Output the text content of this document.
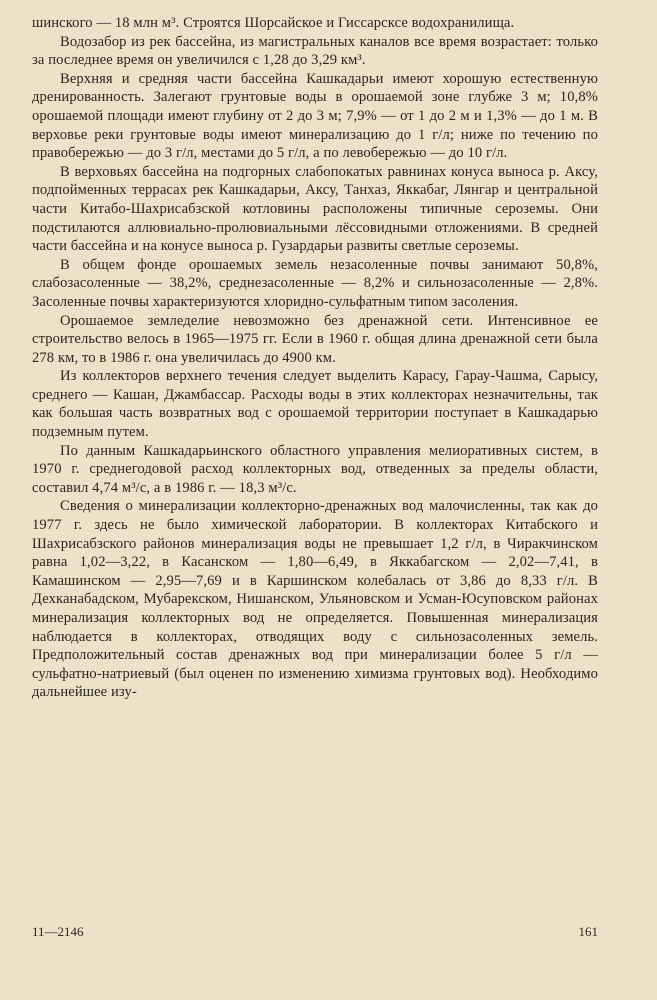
шинского — 18 млн м³. Строятся Шорсайское и Гиссарсксе водохранилища.

Водозабор из рек бассейна, из магистральных каналов все время возрастает: только за последнее время он увеличился с 1,28 до 3,29 км³.

Верхняя и средняя части бассейна Кашкадарьи имеют хорошую естественную дренированность. Залегают грунтовые воды в орошаемой зоне глубже 3 м; 10,8% орошаемой площади имеют глубину от 2 до 3 м; 7,9% — от 1 до 2 м и 1,3% — до 1 м. В верховье реки грунтовые воды имеют минерализацию до 1 г/л; ниже по течению по правобережью — до 3 г/л, местами до 5 г/л, а по левобережью — до 10 г/л.

В верховьях бассейна на подгорных слабопокатых равнинах конуса выноса р. Аксу, подпойменных террасах рек Кашкадарьи, Аксу, Танхаз, Яккабаг, Лянгар и центральной части Китабо-Шахрисабзской котловины расположены типичные сероземы. Они подстилаются аллювиально-пролювиальными лёссовидными отложениями. В средней части бассейна и на конусе выноса р. Гузардарьи развиты светлые сероземы.

В общем фонде орошаемых земель незасоленные почвы занимают 50,8%, слабозасоленные — 38,2%, среднезасоленные — 8,2% и сильнозасоленные — 2,8%. Засоленные почвы характеризуются хлоридно-сульфатным типом засоления.

Орошаемое земледелие невозможно без дренажной сети. Интенсивное ее строительство велось в 1965—1975 гг. Если в 1960 г. общая длина дренажной сети была 278 км, то в 1986 г. она увеличилась до 4900 км.

Из коллекторов верхнего течения следует выделить Карасу, Гарау-Чашма, Сарысу, среднего — Кашан, Джамбассар. Расходы воды в этих коллекторах незначительны, так как большая часть возвратных вод с орошаемой территории поступает в Кашкадарью подземным путем.

По данным Кашкадарьинского областного управления мелиоративных систем, в 1970 г. среднегодовой расход коллекторных вод, отведенных за пределы области, составил 4,74 м³/с, а в 1986 г. — 18,3 м³/с.

Сведения о минерализации коллекторно-дренажных вод малочисленны, так как до 1977 г. здесь не было химической лаборатории. В коллекторах Китабского и Шахрисабзского районов минерализация воды не превышает 1,2 г/л, в Чиракчинском равна 1,02—3,22, в Касанском — 1,80—6,49, в Яккабагском — 2,02—7,41, в Камашинском — 2,95—7,69 и в Каршинском колебалась от 3,86 до 8,33 г/л. В Дехканабадском, Мубарекском, Нишанском, Ульяновском и Усман-Юсуповском районах минерализация коллекторных вод не определяется. Повышенная минерализация наблюдается в коллекторах, отводящих воду с сильнозасоленных земель. Предположительный состав дренажных вод при минерализации более 5 г/л — сульфатно-натриевый (был оценен по изменению химизма грунтовых вод). Необходимо дальнейшее изу-

11—2146	161
